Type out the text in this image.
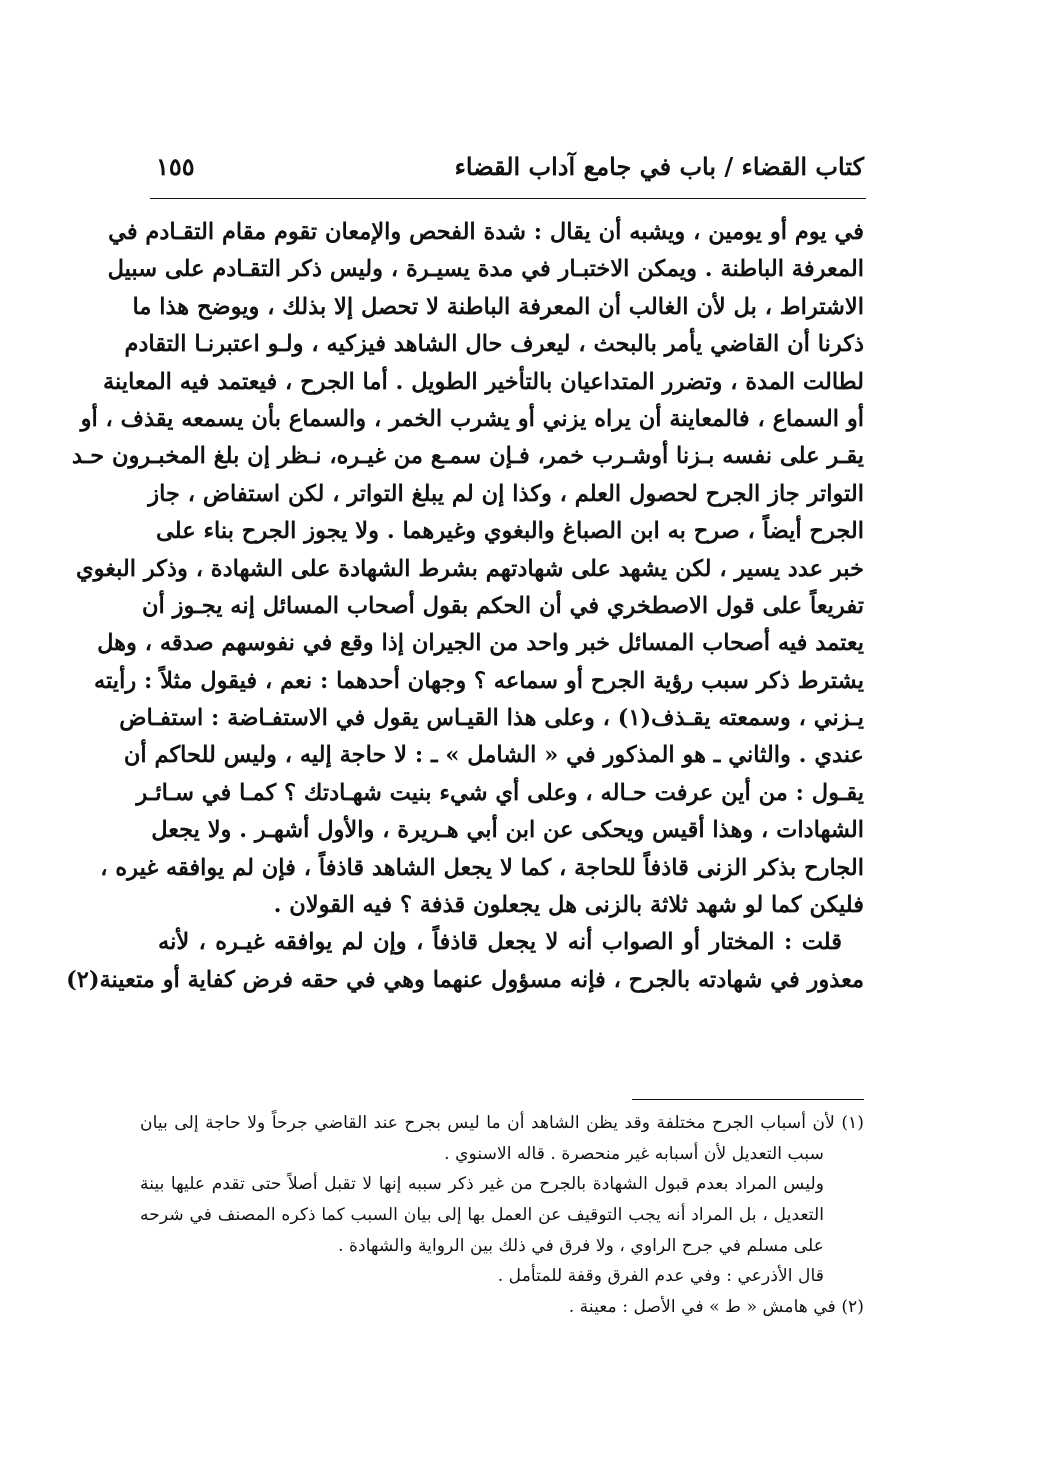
كتاب القضاء / باب في جامع آداب القضاء
١٥٥
في يوم أو يومين ، ويشبه أن يقال : شدة الفحص والإمعان تقوم مقام التقـادم في
المعرفة الباطنة . ويمكن الاختبـار في مدة يسيـرة ، وليس ذكر التقـادم على سبيل
الاشتراط ، بل لأن الغالب أن المعرفة الباطنة لا تحصل إلا بذلك ، ويوضح هذا ما
ذكرنا أن القاضي يأمر بالبحث ، ليعرف حال الشاهد فيزكيه ، ولـو اعتبرنـا التقادم
لطالت المدة ، وتضرر المتداعيان بالتأخير الطويل . أما الجرح ، فيعتمد فيه المعاينة
أو السماع ، فالمعاينة أن يراه يزني أو يشرب الخمر ، والسماع بأن يسمعه يقذف ، أو
يقـر على نفسه بـزنا أوشـرب خمر، فـإن سمـع من غيـره، نـظر إن بلغ المخبـرون حـد
التواتر جاز الجرح لحصول العلم ، وكذا إن لم يبلغ التواتر ، لكن استفاض ، جاز
الجرح أيضاً ، صرح به ابن الصباغ والبغوي وغيرهما . ولا يجوز الجرح بناء على
خبر عدد يسير ، لكن يشهد على شهادتهم بشرط الشهادة على الشهادة ، وذكر البغوي
تفريعاً على قول الاصطخري في أن الحكم بقول أصحاب المسائل إنه يجـوز أن
يعتمد فيه أصحاب المسائل خبر واحد من الجيران إذا وقع في نفوسهم صدقه ، وهل
يشترط ذكر سبب رؤية الجرح أو سماعه ؟ وجهان أحدهما : نعم ، فيقول مثلاً : رأيته
يـزني ، وسمعته يقـذف(١) ، وعلى هذا القيـاس يقول في الاستفـاضة : استفـاض
عندي . والثاني ـ هو المذكور في « الشامل » ـ : لا حاجة إليه ، وليس للحاكم أن
يقـول : من أين عرفت حـاله ، وعلى أي شيء بنيت شهـادتك ؟ كمـا في سـائـر
الشهادات ، وهذا أقيس ويحكى عن ابن أبي هـريرة ، والأول أشهـر . ولا يجعل
الجارح بذكر الزنى قاذفاً للحاجة ، كما لا يجعل الشاهد قاذفاً ، فإن لم يوافقه غيره ،
فليكن كما لو شهد ثلاثة بالزنى هل يجعلون قذفة ؟ فيه القولان .
قلت : المختار أو الصواب أنه لا يجعل قاذفاً ، وإن لم يوافقه غيـره ، لأنه
معذور في شهادته بالجرح ، فإنه مسؤول عنهما وهي في حقه فرض كفاية أو متعينة(٢)
(١) لأن أسباب الجرح مختلفة وقد يظن الشاهد أن ما ليس بجرح عند القاضي جرحاً ولا حاجة إلى بيان
سبب التعديل لأن أسبابه غير منحصرة . قاله الاسنوي .
وليس المراد بعدم قبول الشهادة بالجرح من غير ذكر سببه إنها لا تقبل أصلاً حتى تقدم عليها بينة
التعديل ، بل المراد أنه يجب التوقيف عن العمل بها إلى بيان السبب كما ذكره المصنف في شرحه
على مسلم في جرح الراوي ، ولا فرق في ذلك بين الرواية والشهادة .
قال الأذرعي : وفي عدم الفرق وقفة للمتأمل .
(٢) في هامش « ط » في الأصل : معينة .
